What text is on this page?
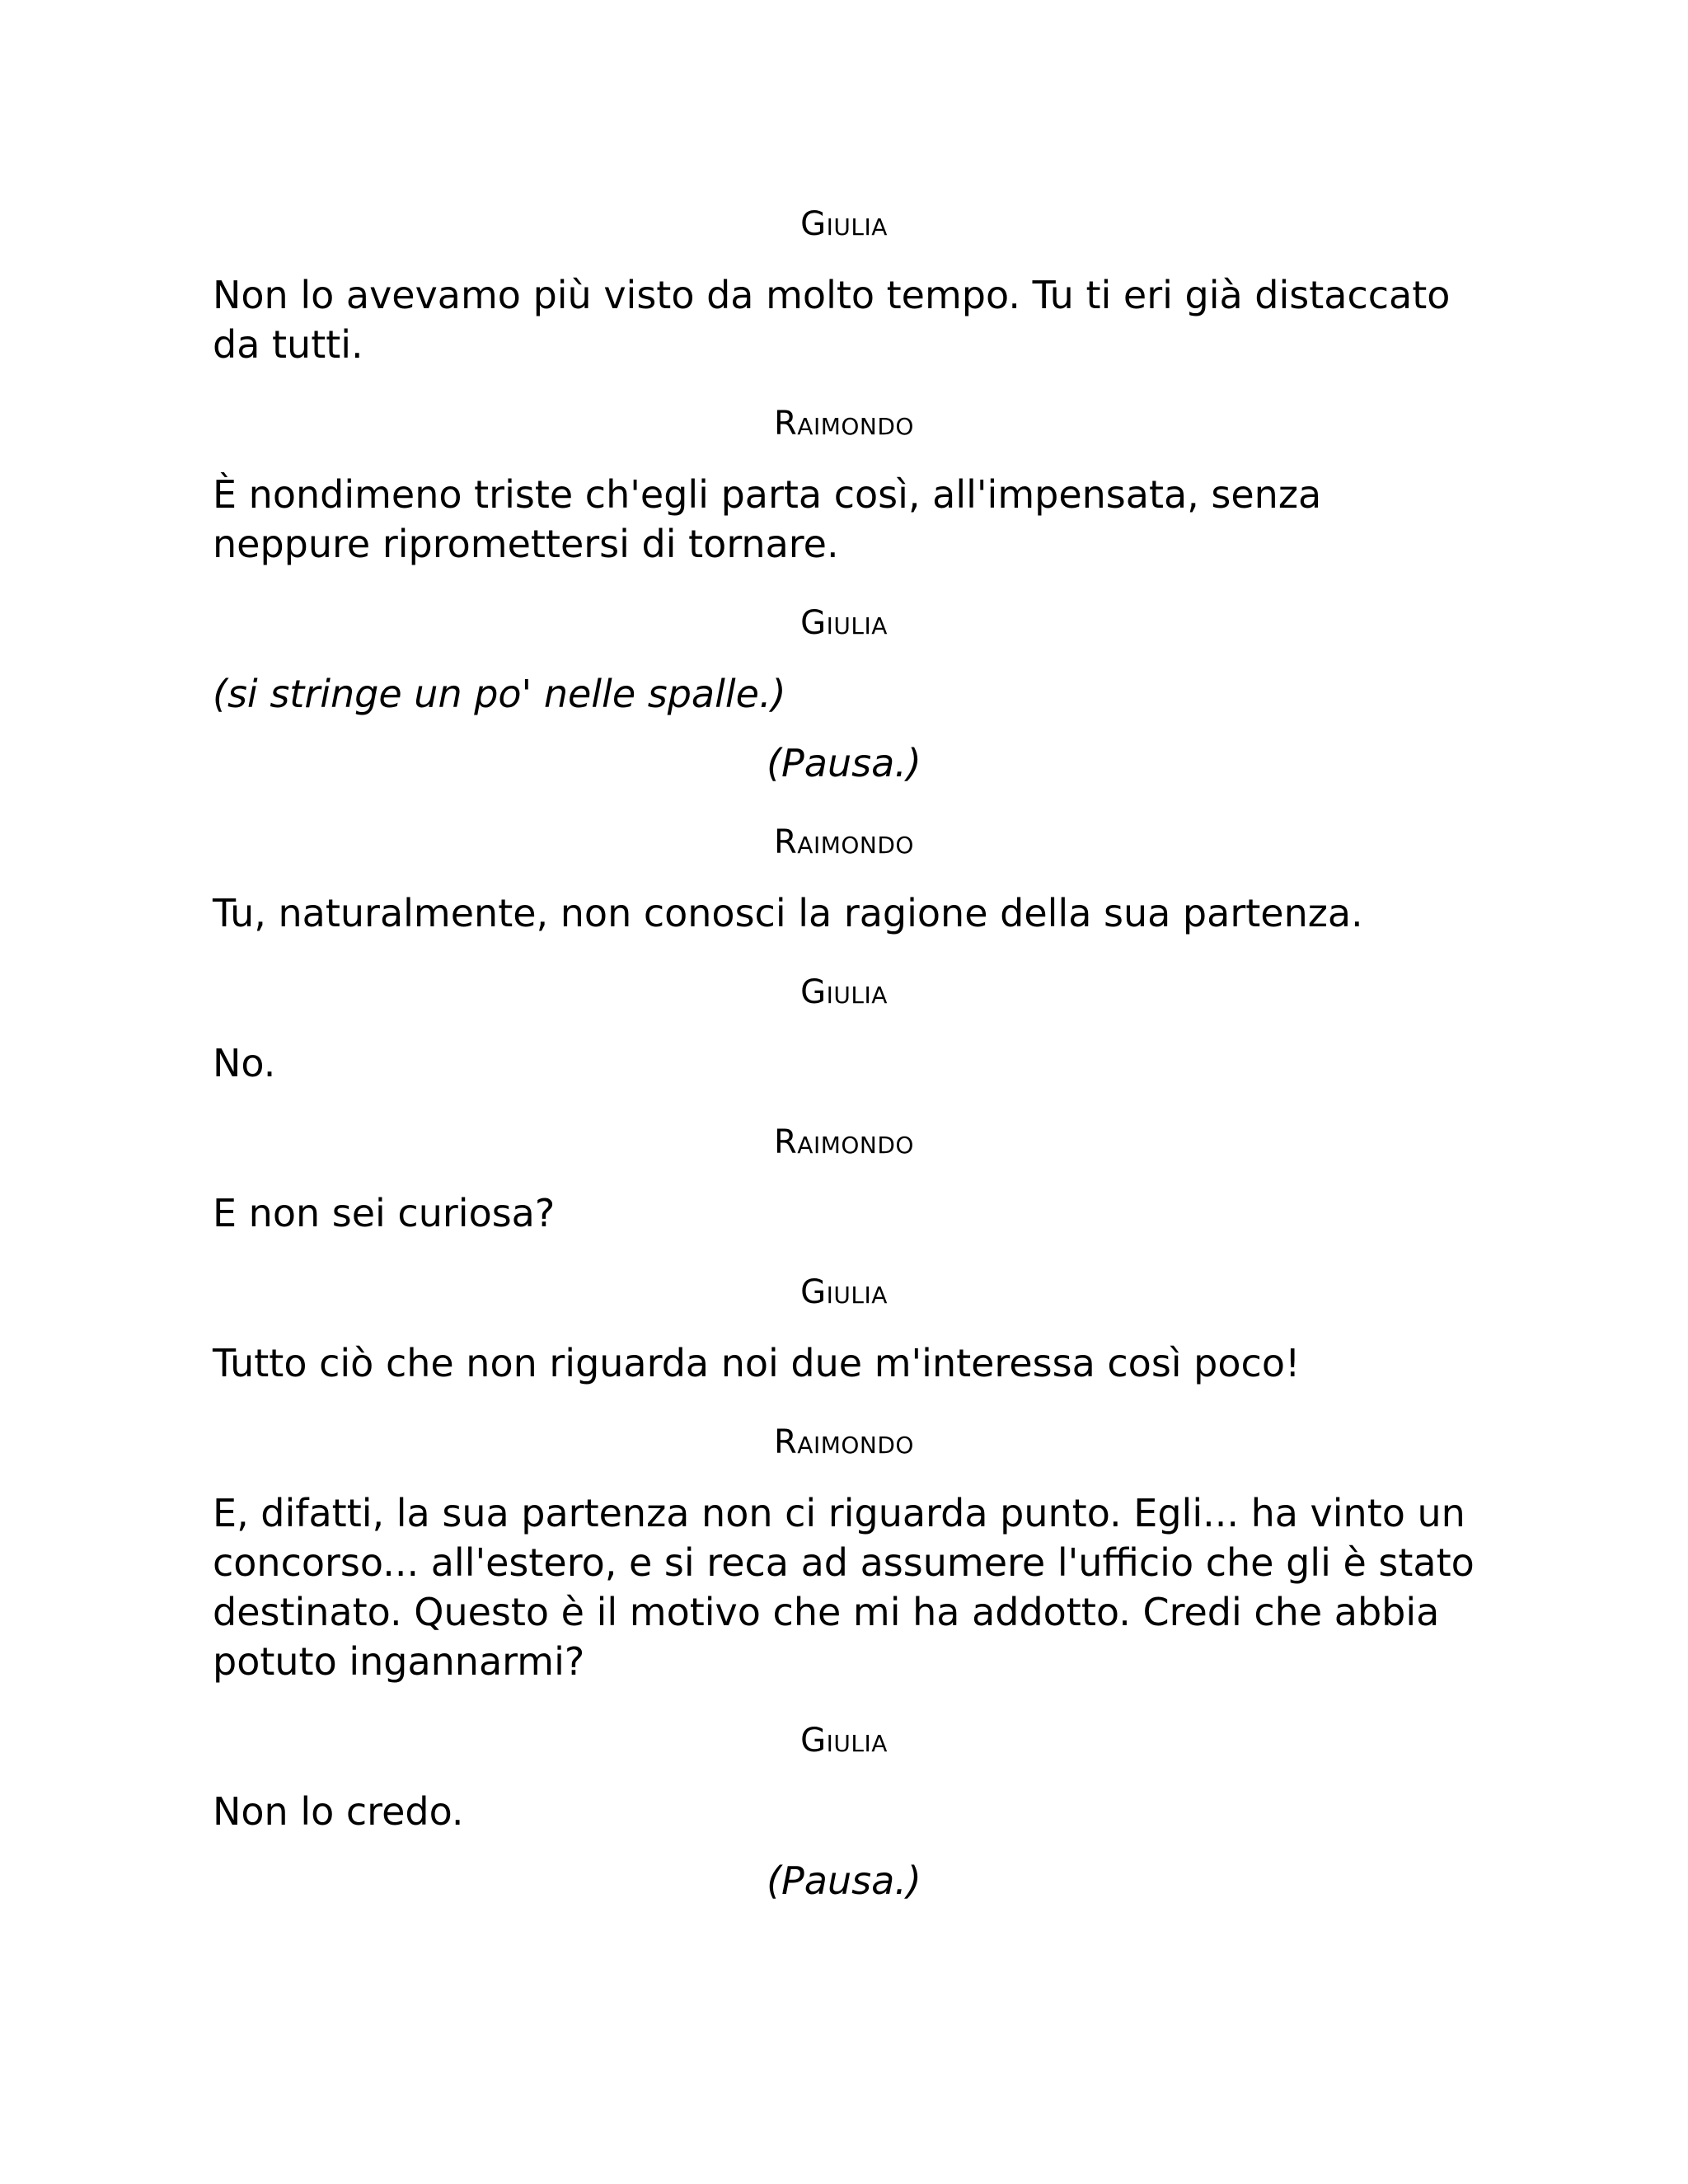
Giulia

Non lo avevamo più visto da molto tempo. Tu ti eri già distaccato da tutti.

Raimondo

È nondimeno triste ch'egli parta così, all'impensata, senza neppure ripromettersi di tornare.

Giulia

(si stringe un po' nelle spalle.)

(Pausa.)

Raimondo

Tu, naturalmente, non conosci la ragione della sua partenza.

Giulia

No.

Raimondo

E non sei curiosa?

Giulia

Tutto ciò che non riguarda noi due m'interessa così poco!

Raimondo

E, difatti, la sua partenza non ci riguarda punto. Egli... ha vinto un concorso... all'estero, e si reca ad assumere l'ufficio che gli è stato destinato. Questo è il motivo che mi ha addotto. Credi che abbia potuto ingannarmi?

Giulia

Non lo credo.

(Pausa.)
